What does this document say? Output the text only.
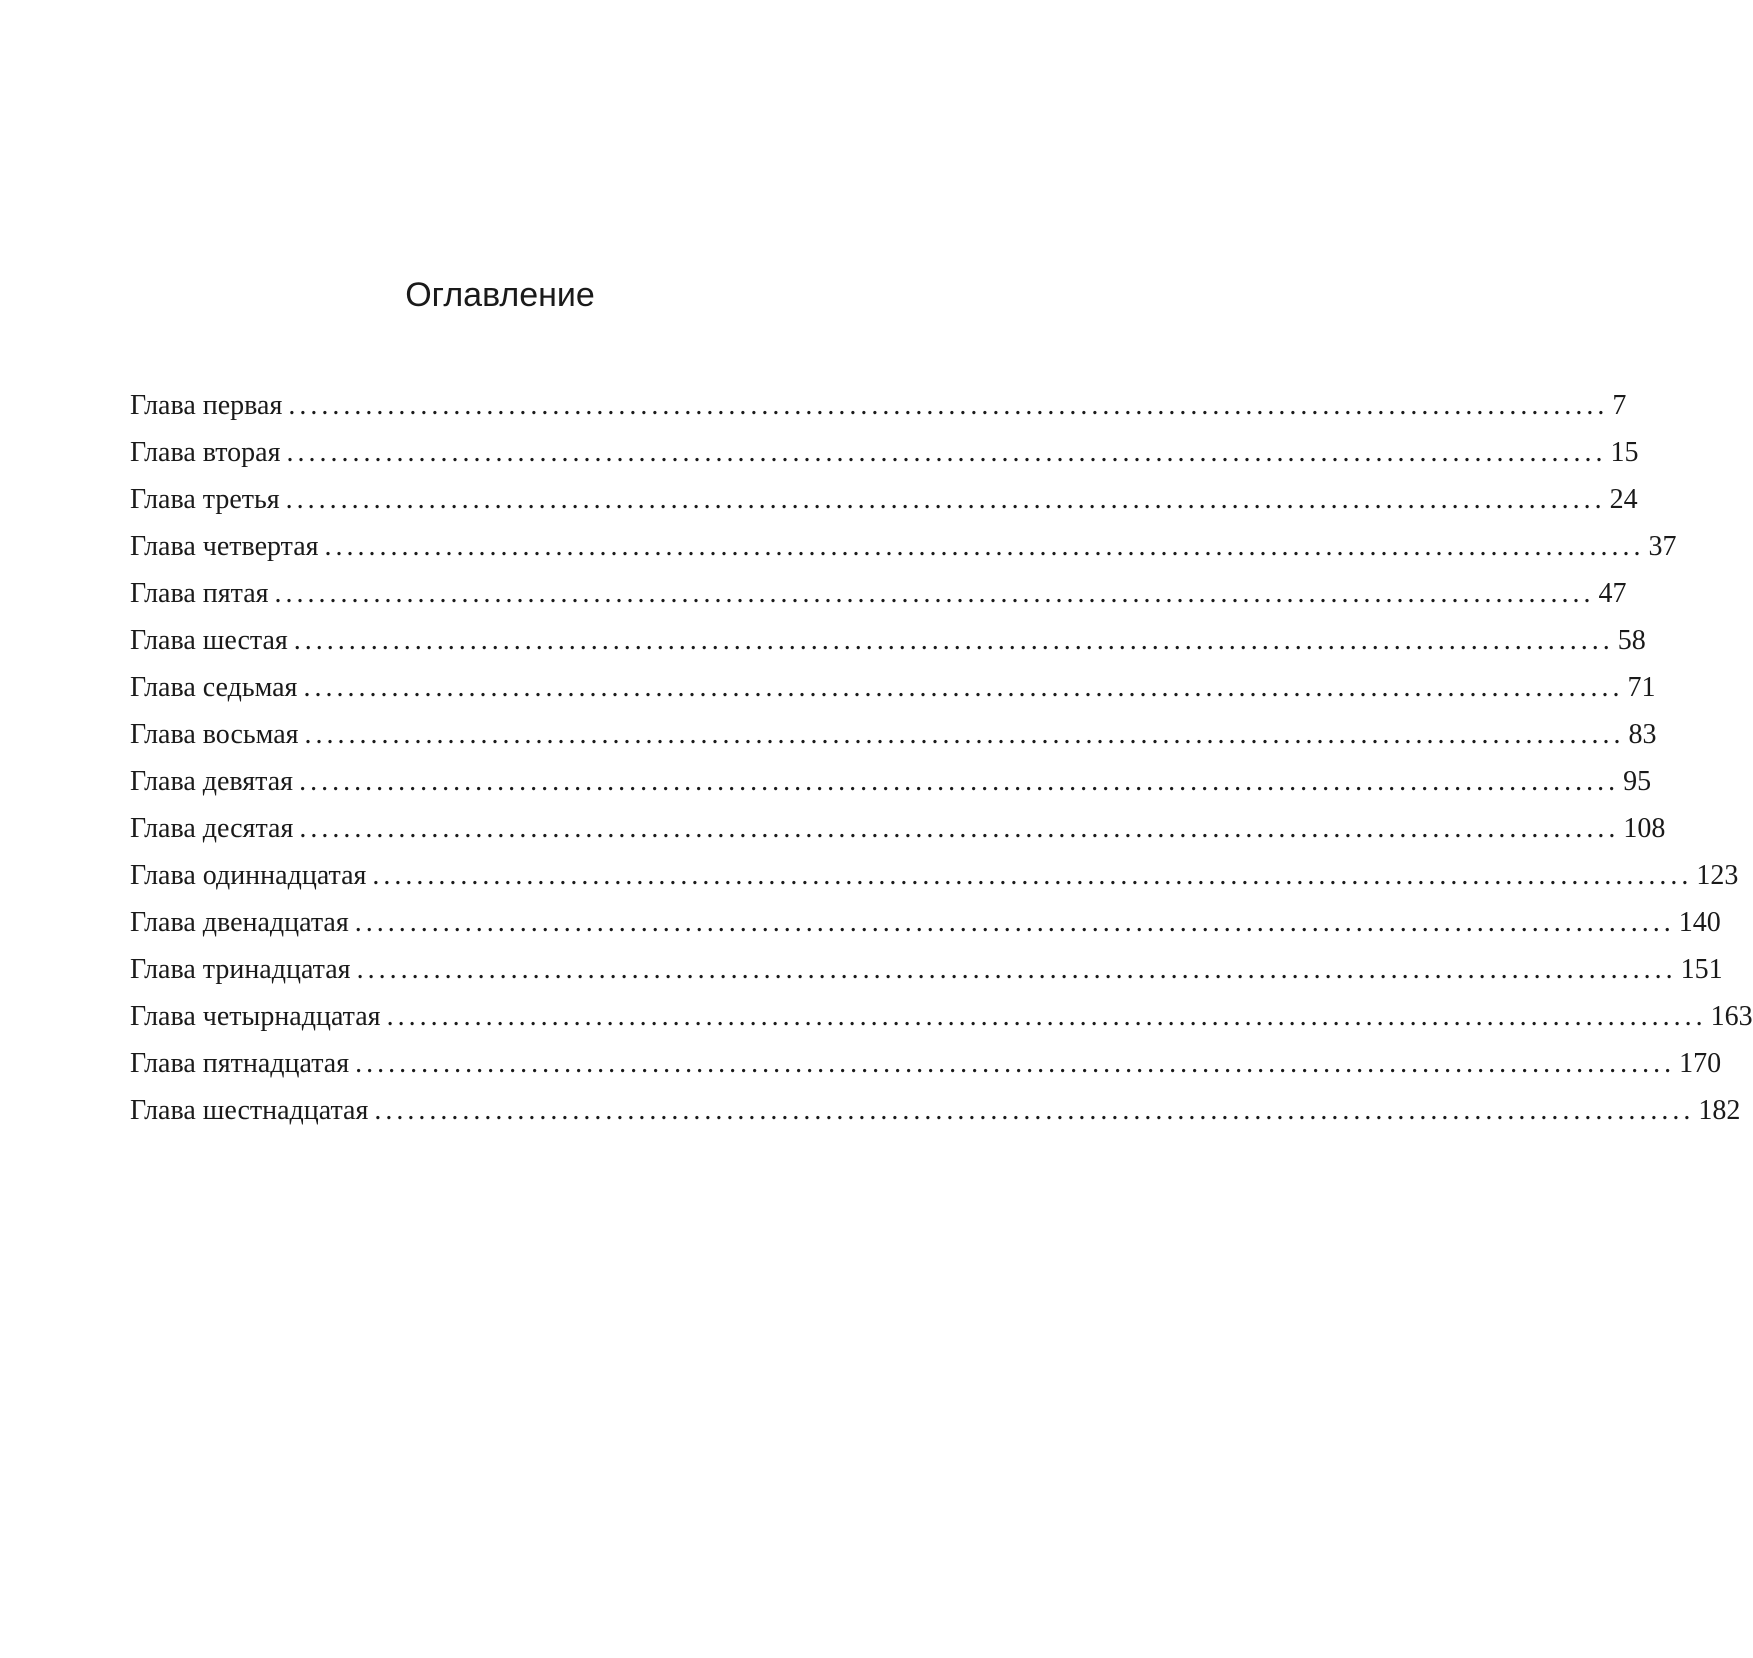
Оглавление
Глава первая ........................................................................................................................ 7
Глава вторая ........................................................................................................................ 15
Глава третья ........................................................................................................................ 24
Глава четвертая ........................................................................................................................ 37
Глава пятая ........................................................................................................................ 47
Глава шестая ........................................................................................................................ 58
Глава седьмая ........................................................................................................................ 71
Глава восьмая ........................................................................................................................ 83
Глава девятая ........................................................................................................................ 95
Глава десятая ........................................................................................................................ 108
Глава одиннадцатая ........................................................................................................................ 123
Глава двенадцатая ........................................................................................................................ 140
Глава тринадцатая ........................................................................................................................ 151
Глава четырнадцатая ........................................................................................................................ 163
Глава пятнадцатая ........................................................................................................................ 170
Глава шестнадцатая ........................................................................................................................ 182
